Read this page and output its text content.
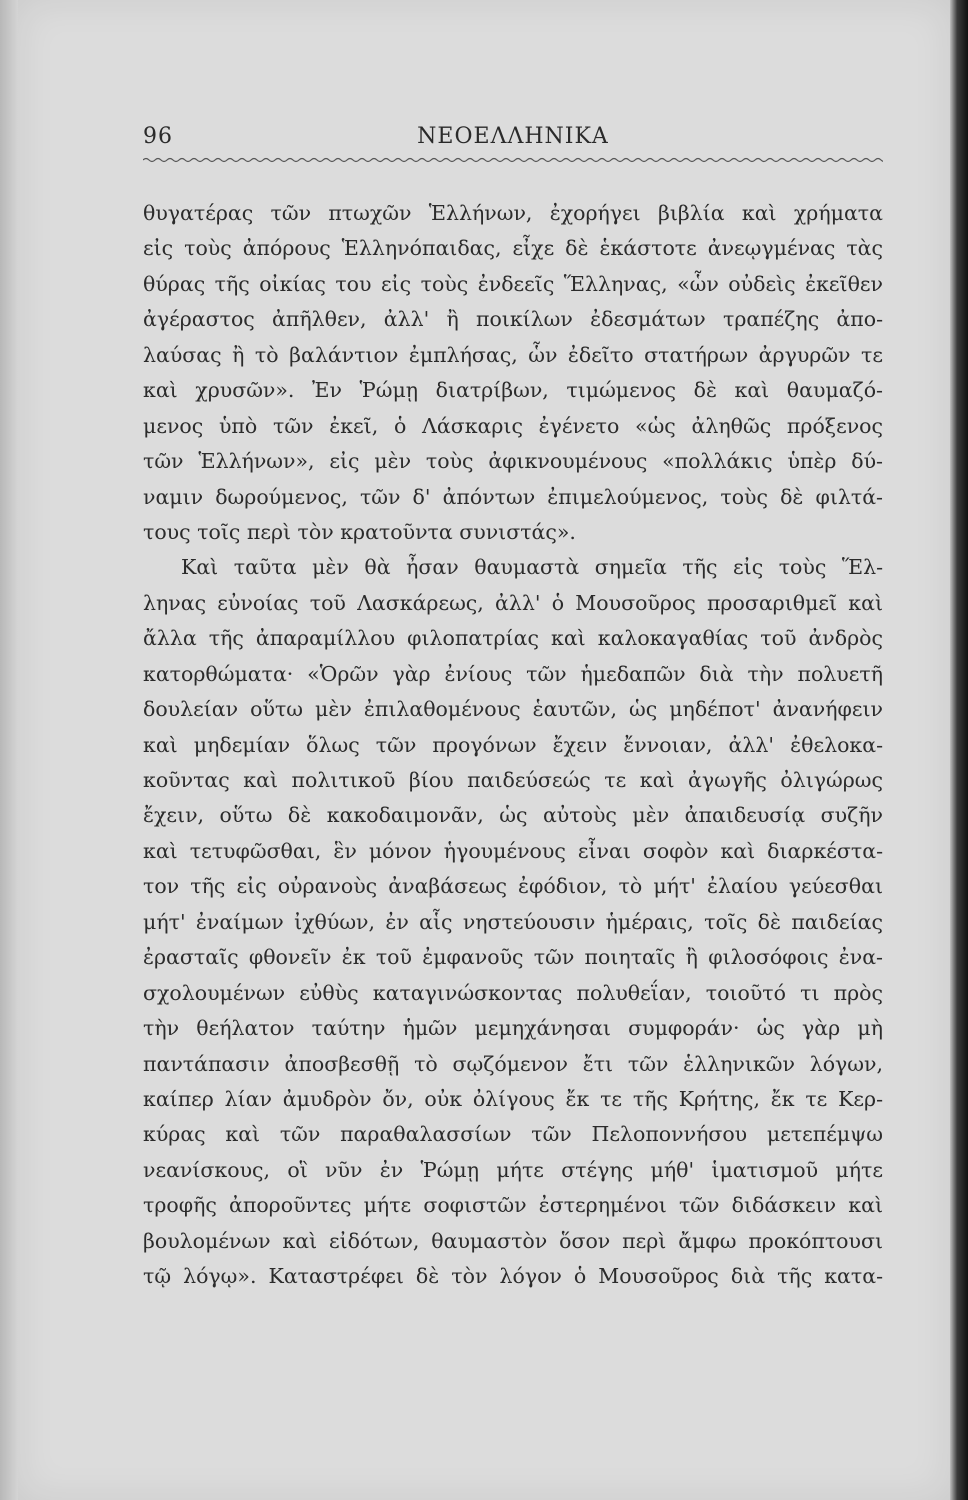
96	ΝΕΟΕΛΛΗΝΙΚΑ
θυγατέρας τῶν πτωχῶν Ἑλλήνων, ἐχορήγει βιβλία καὶ χρήματα
εἰς τοὺς ἀπόρους Ἑλληνόπαιδας, εἶχε δὲ ἑκάστοτε ἀνεῳγμένας τὰς
θύρας τῆς οἰκίας του εἰς τοὺς ἐνδεεῖς Ἕλληνας, «ὧν οὐδεὶς ἐκεῖθεν
ἀγέραστος ἀπῆλθεν, ἀλλ' ἢ ποικίλων ἐδεσμάτων τραπέζης ἀπο-
λαύσας ἢ τὸ βαλάντιον ἐμπλήσας, ὧν ἐδεῖτο στατήρων ἀργυρῶν τε
καὶ χρυσῶν». Ἐν Ῥώμῃ διατρίβων, τιμώμενος δὲ καὶ θαυμαζό-
μενος ὑπὸ τῶν ἐκεῖ, ὁ Λάσκαρις ἐγένετο «ὡς ἀληθῶς πρόξενος
τῶν Ἑλλήνων», εἰς μὲν τοὺς ἀφικνουμένους «πολλάκις ὑπὲρ δύ-
ναμιν δωρούμενος, τῶν δ' ἀπόντων ἐπιμελούμενος, τοὺς δὲ φιλτά-
τους τοῖς περὶ τὸν κρατοῦντα συνιστάς».
Καὶ ταῦτα μὲν θὰ ἦσαν θαυμαστὰ σημεῖα τῆς εἰς τοὺς Ἕλ-
ληνας εὐνοίας τοῦ Λασκάρεως, ἀλλ' ὁ Μουσοῦρος προσαριθμεῖ καὶ
ἄλλα τῆς ἀπαραμίλλου φιλοπατρίας καὶ καλοκαγαθίας τοῦ ἀνδρὸς
κατορθώματα· «Ὁρῶν γὰρ ἐνίους τῶν ἡμεδαπῶν διὰ τὴν πολυετῆ
δουλείαν οὕτω μὲν ἐπιλαθομένους ἑαυτῶν, ὡς μηδέποτ' ἀνανήφειν
καὶ μηδεμίαν ὅλως τῶν προγόνων ἔχειν ἔννοιαν, ἀλλ' ἐθελοκα-
κοῦντας καὶ πολιτικοῦ βίου παιδεύσεώς τε καὶ ἀγωγῆς ὀλιγώρως
ἔχειν, οὕτω δὲ κακοδαιμονᾶν, ὡς αὐτοὺς μὲν ἀπαιδευσίᾳ συζῆν
καὶ τετυφῶσθαι, ἓν μόνον ἡγουμένους εἶναι σοφὸν καὶ διαρκέστα-
τον τῆς εἰς οὐρανοὺς ἀναβάσεως ἐφόδιον, τὸ μήτ' ἐλαίου γεύεσθαι
μήτ' ἐναίμων ἰχθύων, ἐν αἷς νηστεύουσιν ἡμέραις, τοῖς δὲ παιδείας
ἐρασταῖς φθονεῖν ἐκ τοῦ ἐμφανοῦς τῶν ποιηταῖς ἢ φιλοσόφοις ἐνα-
σχολουμένων εὐθὺς καταγινώσκοντας πολυθεΐαν, τοιοῦτό τι πρὸς
τὴν θεήλατον ταύτην ἡμῶν μεμηχάνησαι συμφοράν· ὡς γὰρ μὴ
παντάπασιν ἀποσβεσθῇ τὸ σῳζόμενον ἔτι τῶν ἑλληνικῶν λόγων,
καίπερ λίαν ἀμυδρὸν ὄν, οὐκ ὀλίγους ἔκ τε τῆς Κρήτης, ἔκ τε Κερ-
κύρας καὶ τῶν παραθαλασσίων τῶν Πελοποννήσου μετεπέμψω
νεανίσκους, οἳ νῦν ἐν Ῥώμῃ μήτε στέγης μήθ' ἱματισμοῦ μήτε
τροφῆς ἀποροῦντες μήτε σοφιστῶν ἐστερημένοι τῶν διδάσκειν καὶ
βουλομένων καὶ εἰδότων, θαυμαστὸν ὅσον περὶ ἄμφω προκόπτουσι
τῷ λόγῳ». Καταστρέφει δὲ τὸν λόγον ὁ Μουσοῦρος διὰ τῆς κατα-
